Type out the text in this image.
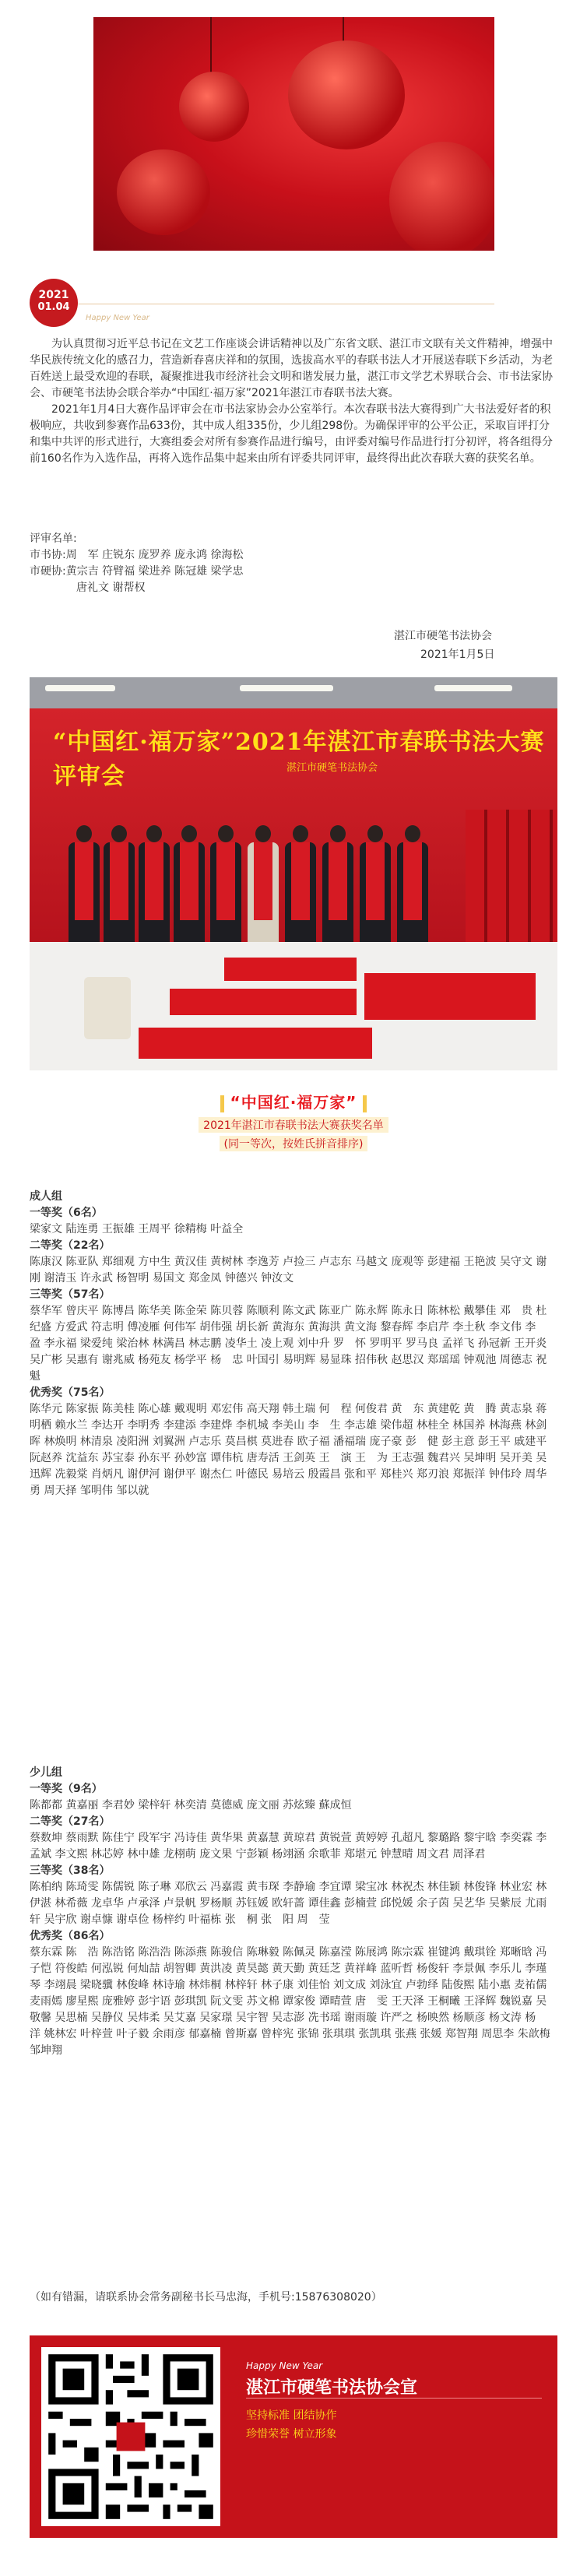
2021
01.04
Happy New Year

为认真贯彻习近平总书记在文艺工作座谈会讲话精神以及广东省文联、湛江市文联有关文件精神，增强中华民族传统文化的感召力，营造新春喜庆祥和的氛围，选拔高水平的春联书法人才开展送春联下乡活动，为老百姓送上最受欢迎的春联，凝聚推进我市经济社会文明和谐发展力量，湛江市文学艺术界联合会、市书法家协会、市硬笔书法协会联合举办“中国红·福万家”2021年湛江市春联书法大赛。

2021年1月4日大赛作品评审会在市书法家协会办公室举行。本次春联书法大赛得到广大书法爱好者的积极响应，共收到参赛作品633份，其中成人组335份，少儿组298份。为确保评审的公平公正，采取盲评打分和集中共评的形式进行，大赛组委会对所有参赛作品进行编号，由评委对编号作品进行打分初评，将各组得分前160名作为入选作品，再将入选作品集中起来由所有评委共同评审，最终得出此次春联大赛的获奖名单。

评审名单:
市书协:周　军 庄锐东 庞罗养 庞永鸿 徐海松
市硬协:黄宗吉 符臂福 梁进养 陈冠雄 梁学忠
唐礼文 谢帮权
湛江市硬笔书法协会
2021年1月5日
“中国红·福万家”2021年湛江市春联书法大赛评审会	湛江市硬笔书法协会
“中国红·福万家”
2021年湛江市春联书法大赛获奖名单
(同一等次，按姓氏拼音排序)
成人组
一等奖（6名）
梁家文 陆连勇 王振雄 王周平 徐精梅 叶益全
二等奖（22名）
陈康汉 陈亚队 郑细观 方中生 黄汉佳 黄树林 李逸芳 卢捡三 卢志东 马越文 庞观等 彭建福 王艳波 吴守文 谢　刚 谢清玉 许永武 杨智明 易国文 郑金凤 钟德兴 钟汝文
三等奖（57名）
蔡华军 曾庆平 陈博昌 陈华美 陈金荣 陈贝蓉 陈顺利 陈文武 陈亚广 陈永辉 陈永日 陈林松 戴攀佳 邓　贵 杜纪盛 方爱武 符志明 傅凌雁 何伟军 胡伟强 胡长新 黄海东 黄海洪 黄文海 黎春辉 李启芹 李土秋 李文伟 李　盈 李永福 梁爱纯 梁治林 林满昌 林志鹏 凌华土 凌上观 刘中升 罗　怀 罗明平 罗马良 孟祥飞 孙冠新 王开炎 吴广彬 吴惠有 谢兆威 杨苑友 杨学平 杨　忠 叶国引 易明辉 易显珠 招伟秋 赵思汉 郑瑶瑶 钟观池 周德志 祝　魁
优秀奖（75名）
陈华元 陈家振 陈美桂 陈心雄 戴观明 邓宏伟 高天翔 韩土瑞 何　程 何俊君 黄　东 黄建乾 黄　腾 黄志泉 蒋明栖 赖水兰 李达开 李明秀 李建添 李建烨 李机城 李美山 李　生 李志雄 梁伟超 林桂全 林国养 林海燕 林剑晖 林焕明 林清泉 凌阳洲 刘翼洲 卢志乐 莫昌棋 莫进春 欧子福 潘福瑞 庞子豪 彭　健 彭主意 彭王平 戚建平 阮赵养 沈益东 苏宝泰 孙东平 孙妙富 谭伟杭 唐寿活 王剑英 王　演 王　为 王志强 魏君兴 吴坤明 吴开美 吴迅辉 冼毅棠 肖炳凡 谢伊河 谢伊平 谢杰仁 叶德民 易培云 殷霞昌 张和平 郑桂兴 郑刃浪 郑振洋 钟伟玲 周华勇 周天择 邹明伟 邹以就
少儿组
一等奖（9名）
陈都都 黄嘉丽 李君妙 梁梓轩 林奕清 莫德威 庞文丽 苏炫臻 蘇成恒
二等奖（27名）
蔡数坤 蔡雨默 陈佳宁 段军宇 冯诗佳 黄华果 黄嘉慧 黄琼君 黄锐萱 黄婷婷 孔超凡 黎璐路 黎宇晗 李奕霖 李孟斌 李文熙 林芯婷 林中雄 龙栩萌 庞文果 宁彭颖 杨翊涵 余歌菲 郑堪元 钟慧晴 周文君 周泽君
三等奖（38名）
陈柏纳 陈琦雯 陈儒锐 陈子琳 邓欣云 冯嘉霞 黄韦琛 李静瑜 李宜谭 梁宝冰 林祝杰 林佳颖 林俊锋 林业宏 林伊湛 林希薇 龙卓华 卢承泽 卢景帆 罗杨顺 苏钰媛 欧轩蔷 谭佳鑫 彭楠萱 邱悦媛 余子茵 吴艺华 吴紫辰 尤雨轩 吴宇欣 谢卓慷 谢卓俭 杨梓约 叶福栋 张　桐 张　阳 周　莹
优秀奖（86名）
蔡东霖 陈　浩 陈浩铭 陈浩浩 陈添燕 陈骏信 陈琳毅 陈佩灵 陈嘉滢 陈展鸿 陈宗霖 崔键鸿 戴琪铨 郑晰晗 冯子恺 符俊皓 何泓锐 何灿喆 胡智卿 黄洪凌 黄昊懿 黄天勤 黄廷芝 黄祥峰 蓝听哲 杨俊轩 李景佩 李乐儿 李瑾琴 李翊晨 梁晓骥 林俊峰 林诗瑜 林炜桐 林梓轩 林子康 刘佳怡 刘文成 刘泳宜 卢勃绎 陆俊熙 陆小惠 麦祐儒 麦雨嫣 廖星熙 庞雅婷 彭宇语 彭琪凯 阮文雯 苏文棉 谭家俊 谭晴萱 唐　雯 王天泽 王桐曦 王泽辉 魏锐嘉 吴敬馨 吴思楠 吴静仪 吴炜柔 吴艾嘉 吴家璟 吴宇智 吴志澎 冼书瑶 谢雨璇 许严之 杨映然 杨顺彦 杨文涛 杨　洋 姚林宏 叶梓萱 叶子毅 余雨彦 郁嘉楠 曾斯嘉 曾梓宪 张锦 张琪琪 张凯琪 张燕 张媛 郑智翔 周思李 朱歆梅 邹坤翔
（如有错漏，请联系协会常务副秘书长马忠海，手机号:15876308020）
Happy New Year
湛江市硬笔书法协会宣
坚持标准 团结协作
珍惜荣誉 树立形象
